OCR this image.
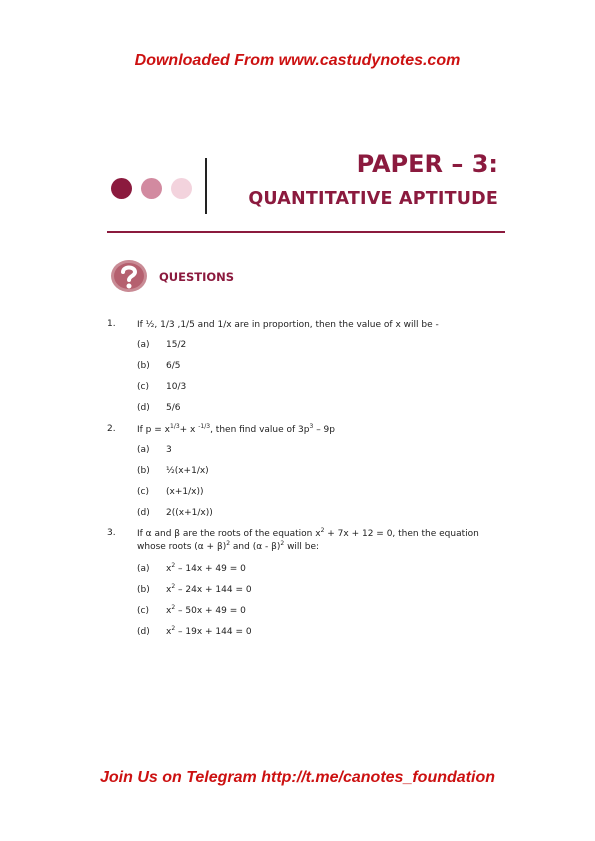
Downloaded From www.castudynotes.com
PAPER – 3:
QUANTITATIVE APTITUDE
QUESTIONS
1. If ½, 1/3 ,1/5 and 1/x are in proportion, then the value of x will be -
(a) 15/2
(b) 6/5
(c) 10/3
(d) 5/6
2. If $p = x^{1/3}+ x$ $^{-1/3}$, then find value of $3p^3 - 9p$
(a) 3
(b) ½(x+1/x)
(c) (x+1/x))
(d) 2((x+1/x))
3. If α and β are the roots of the equation $x^2 + 7x + 12 = 0$, then the equation
whose roots $(\alpha + \beta)^2$ and (α - β)$^2$ will be:
(a) $x^2 - 14x + 49 = 0$
(b) $x^2 - 24x + 144 = 0$
(c) $x^2 - 50x + 49 = 0$
(d) $x^2 - 19x + 144 = 0$
Join Us on Telegram http://t.me/canotes_foundation
